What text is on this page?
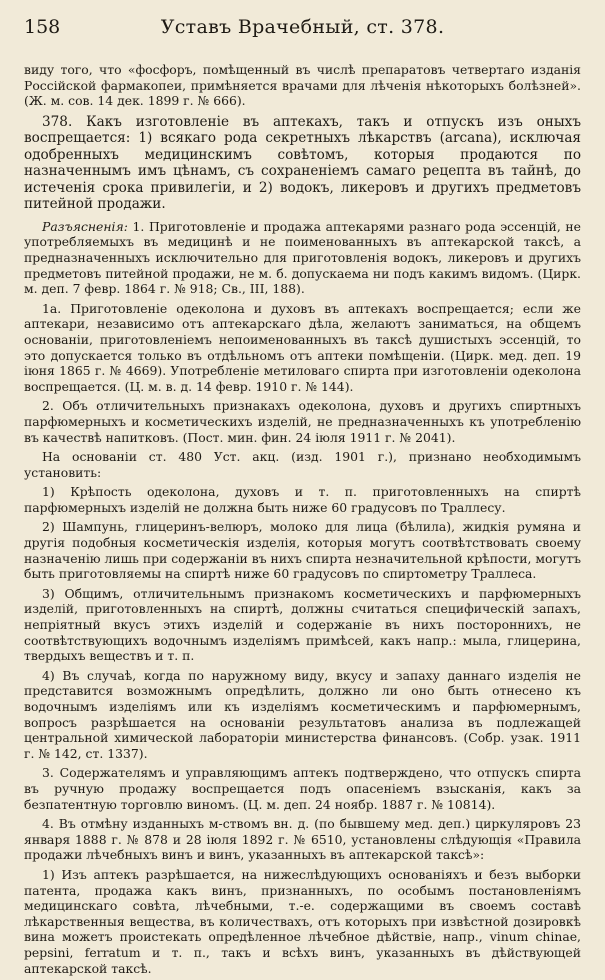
158	Уставъ Врачебный, ст. 378.

виду того, что «фосфоръ, помѣщенный въ числѣ препаратовъ четвертаго изданія Россійской фармакопеи, примѣняется врачами для лѣченія нѣкоторыхъ болѣзней». (Ж. м. сов. 14 дек. 1899 г. № 666).

378. Какъ изготовленіе въ аптекахъ, такъ и отпускъ изъ оныхъ воспрещается: 1) всякаго рода секретныхъ лѣкарствъ (arcana), исключая одобренныхъ медицинскимъ совѣтомъ, которыя продаются по назначеннымъ имъ цѣнамъ, съ сохраненіемъ самаго рецепта въ тайнѣ, до истеченія срока привилегіи, и 2) водокъ, ликеровъ и другихъ предметовъ питейной продажи.

Разъясненія: 1. Приготовленіе и продажа аптекарями разнаго рода эссенцій, не употребляемыхъ въ медицинѣ и не поименованныхъ въ аптекарской таксѣ, а предназначенныхъ исключительно для приготовленія водокъ, ликеровъ и другихъ предметовъ питейной продажи, не м. б. допускаема ни подъ какимъ видомъ. (Цирк. м. деп. 7 февр. 1864 г. № 918; Св., III, 188).

1а. Приготовленіе одеколона и духовъ въ аптекахъ воспрещается; если же аптекари, независимо отъ аптекарскаго дѣла, желаютъ заниматься, на общемъ основаніи, приготовленіемъ непоименованныхъ въ таксѣ душистыхъ эссенцій, то это допускается только въ отдѣльномъ отъ аптеки помѣщеніи. (Цирк. мед. деп. 19 іюня 1865 г. № 4669). Употребленіе метиловаго спирта при изготовленіи одеколона воспрещается. (Ц. м. в. д. 14 февр. 1910 г. № 144).

2. Объ отличительныхъ признакахъ одеколона, духовъ и другихъ спиртныхъ парфюмерныхъ и косметическихъ изделій, не предназначенныхъ къ употребленію въ качествѣ напитковъ. (Пост. мин. фин. 24 іюля 1911 г. № 2041).

На основаніи ст. 480 Уст. акц. (изд. 1901 г.), признано необходимымъ установить:

1) Крѣпость одеколона, духовъ и т. п. приготовленныхъ на спиртѣ парфюмерныхъ изделій не должна быть ниже 60 градусовъ по Траллесу.

2) Шампунь, глицеринъ-велюръ, молоко для лица (бѣлила), жидкія румяна и другія подобныя косметическія изделія, которыя могутъ соотвѣтствовать своему назначенію лишь при содержаніи въ нихъ спирта незначительной крѣпости, могутъ быть приготовляемы на спиртѣ ниже 60 градусовъ по спиртометру Траллеса.

3) Общимъ, отличительнымъ признакомъ косметическихъ и парфюмерныхъ изделій, приготовленныхъ на спиртѣ, должны считаться специфическій запахъ, непріятный вкусъ этихъ изделій и содержаніе въ нихъ постороннихъ, не соотвѣтствующихъ водочнымъ изделіямъ примѣсей, какъ напр.: мыла, глицерина, твердыхъ веществъ и т. п.

4) Въ случаѣ, когда по наружному виду, вкусу и запаху даннаго изделія не представится возможнымъ опредѣлить, должно ли оно быть отнесено къ водочнымъ изделіямъ или къ изделіямъ косметическимъ и парфюмернымъ, вопросъ разрѣшается на основаніи результатовъ анализа въ подлежащей центральной химической лабораторіи министерства финансовъ. (Собр. узак. 1911 г. № 142, ст. 1337).

3. Содержателямъ и управляющимъ аптекъ подтверждено, что отпускъ спирта въ ручную продажу воспрещается подъ опасеніемъ взысканія, какъ за безпатентную торговлю виномъ. (Ц. м. деп. 24 ноябр. 1887 г. № 10814).

4. Въ отмѣну изданныхъ м-ствомъ вн. д. (по бывшему мед. деп.) циркуляровъ 23 января 1888 г. № 878 и 28 іюля 1892 г. № 6510, установлены слѣдующія «Правила продажи лѣчебныхъ винъ и винъ, указанныхъ въ аптекарской таксѣ»:

1) Изъ аптекъ разрѣшается, на нижеслѣдующихъ основаніяхъ и безъ выборки патента, продажа какъ винъ, признанныхъ, по особымъ постановленіямъ медицинскаго совѣта, лѣчебными, т.-е. содержащими въ своемъ составѣ лѣкарственныя вещества, въ количествахъ, отъ которыхъ при извѣстной дозировкѣ вина можетъ проистекать опредѣленное лѣчебное дѣйствіе, напр., vinum chinae, pepsini, ferratum и т. п., такъ и всѣхъ винъ, указанныхъ въ дѣйствующей аптекарской таксѣ.
